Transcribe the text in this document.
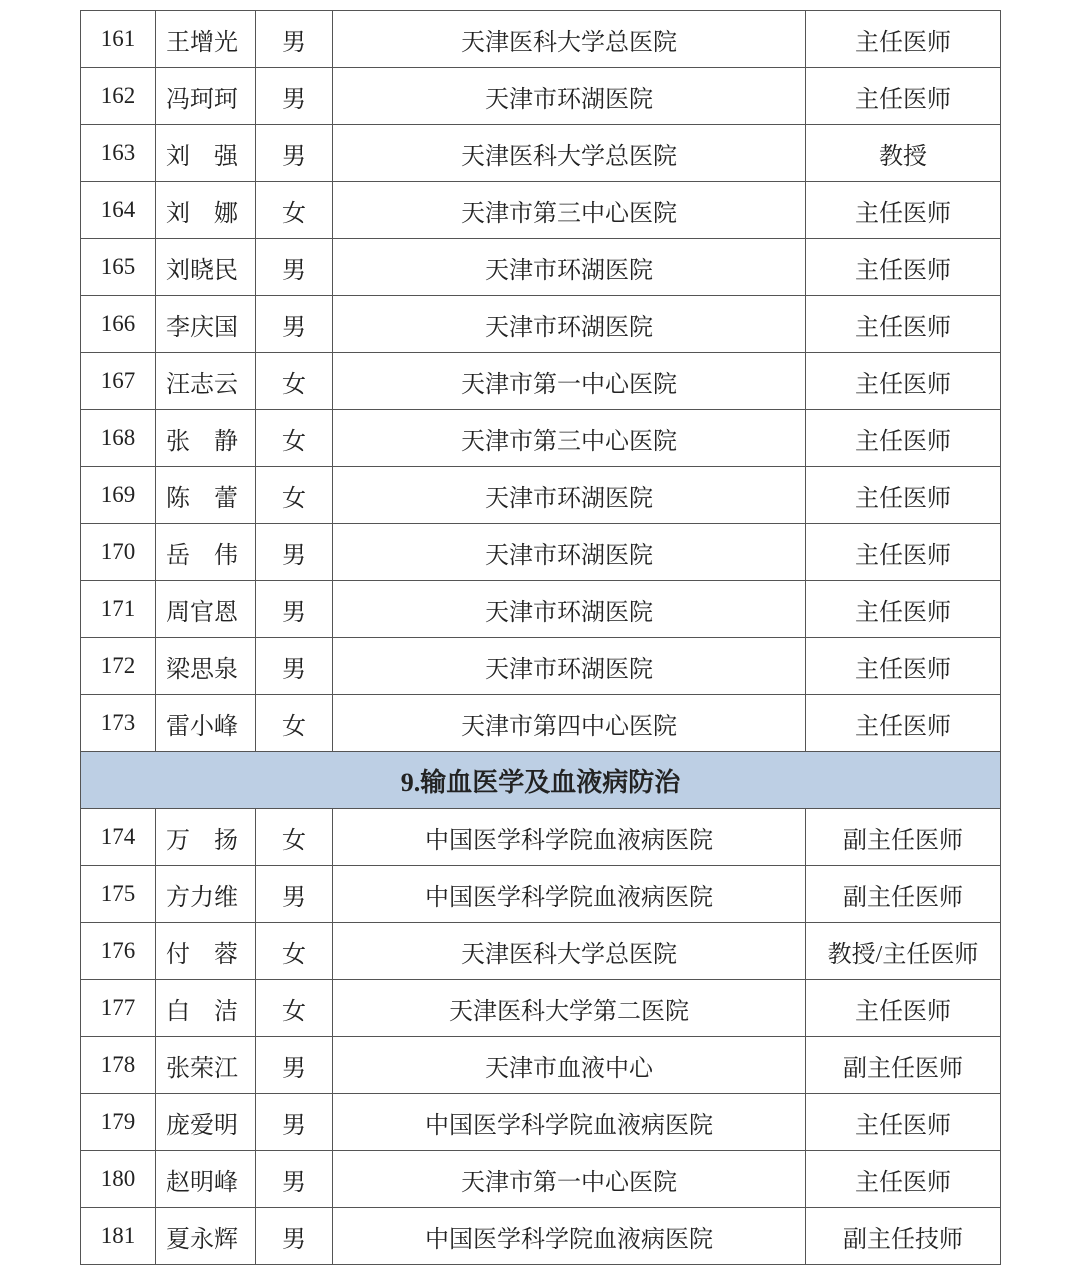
161	王增光	男	天津医科大学总医院	主任医师
162	冯珂珂	男	天津市环湖医院	主任医师
163	刘　强	男	天津医科大学总医院	教授
164	刘　娜	女	天津市第三中心医院	主任医师
165	刘晓民	男	天津市环湖医院	主任医师
166	李庆国	男	天津市环湖医院	主任医师
167	汪志云	女	天津市第一中心医院	主任医师
168	张　静	女	天津市第三中心医院	主任医师
169	陈　蕾	女	天津市环湖医院	主任医师
170	岳　伟	男	天津市环湖医院	主任医师
171	周官恩	男	天津市环湖医院	主任医师
172	梁思泉	男	天津市环湖医院	主任医师
173	雷小峰	女	天津市第四中心医院	主任医师
9.输血医学及血液病防治				
174	万　扬	女	中国医学科学院血液病医院	副主任医师
175	方力维	男	中国医学科学院血液病医院	副主任医师
176	付　蓉	女	天津医科大学总医院	教授/主任医师
177	白　洁	女	天津医科大学第二医院	主任医师
178	张荣江	男	天津市血液中心	副主任医师
179	庞爱明	男	中国医学科学院血液病医院	主任医师
180	赵明峰	男	天津市第一中心医院	主任医师
181	夏永辉	男	中国医学科学院血液病医院	副主任技师
